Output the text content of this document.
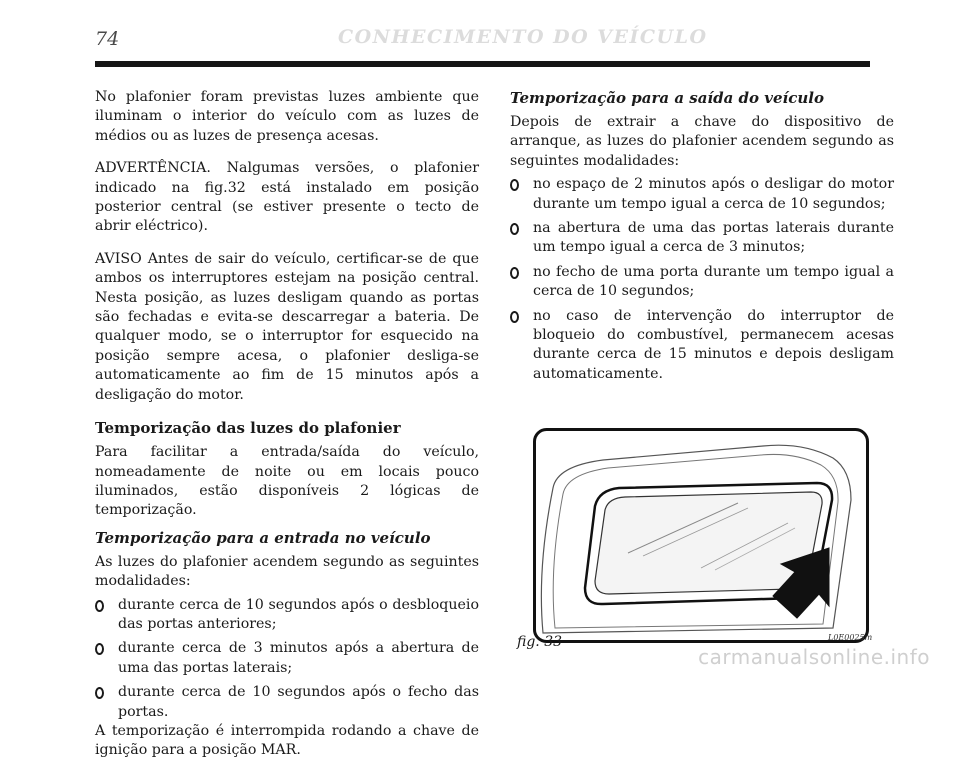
74	CONHECIMENTO DO VEÍCULO

No plafonier foram previstas luzes ambiente que iluminam o interior do veículo com as luzes de médios ou as luzes de presença acesas.

ADVERTÊNCIA. Nalgumas versões, o plafonier indicado na fig.32 está instalado em posição posterior central (se estiver presente o tecto de abrir eléctrico).

AVISO Antes de sair do veículo, certificar-se de que ambos os interruptores estejam na posição central. Nesta posição, as luzes desligam quando as portas são fechadas e evita-se descarregar a bateria. De qualquer modo, se o interruptor for esquecido na posição sempre acesa, o plafonier desliga-se automaticamente ao fim de 15 minutos após a desligação do motor.

Temporização das luzes do plafonier

Para facilitar a entrada/saída do veículo, nomeadamente de noite ou em locais pouco iluminados, estão disponíveis 2 lógicas de temporização.

Temporização para a entrada no veículo

As luzes do plafonier acendem segundo as seguintes modalidades:

durante cerca de 10 segundos após o desbloqueio das portas anteriores;
durante cerca de 3 minutos após a abertura de uma das portas laterais;
durante cerca de 10 segundos após o fecho das portas.

A temporização é interrompida rodando a chave de ignição para a posição MAR.

Temporização para a saída do veículo

Depois de extrair a chave do dispositivo de arranque, as luzes do plafonier acendem segundo as seguintes modalidades:

no espaço de 2 minutos após o desligar do motor durante um tempo igual a cerca de 10 segundos;
na abertura de uma das portas laterais durante um tempo igual a cerca de 3 minutos;
no fecho de uma porta durante um tempo igual a cerca de 10 segundos;
no caso de intervenção do interruptor de bloqueio do combustível, permanecem acesas durante cerca de 15 minutos e depois desligam automaticamente.
fig. 33	L0E0025m
carmanualsonline.info
